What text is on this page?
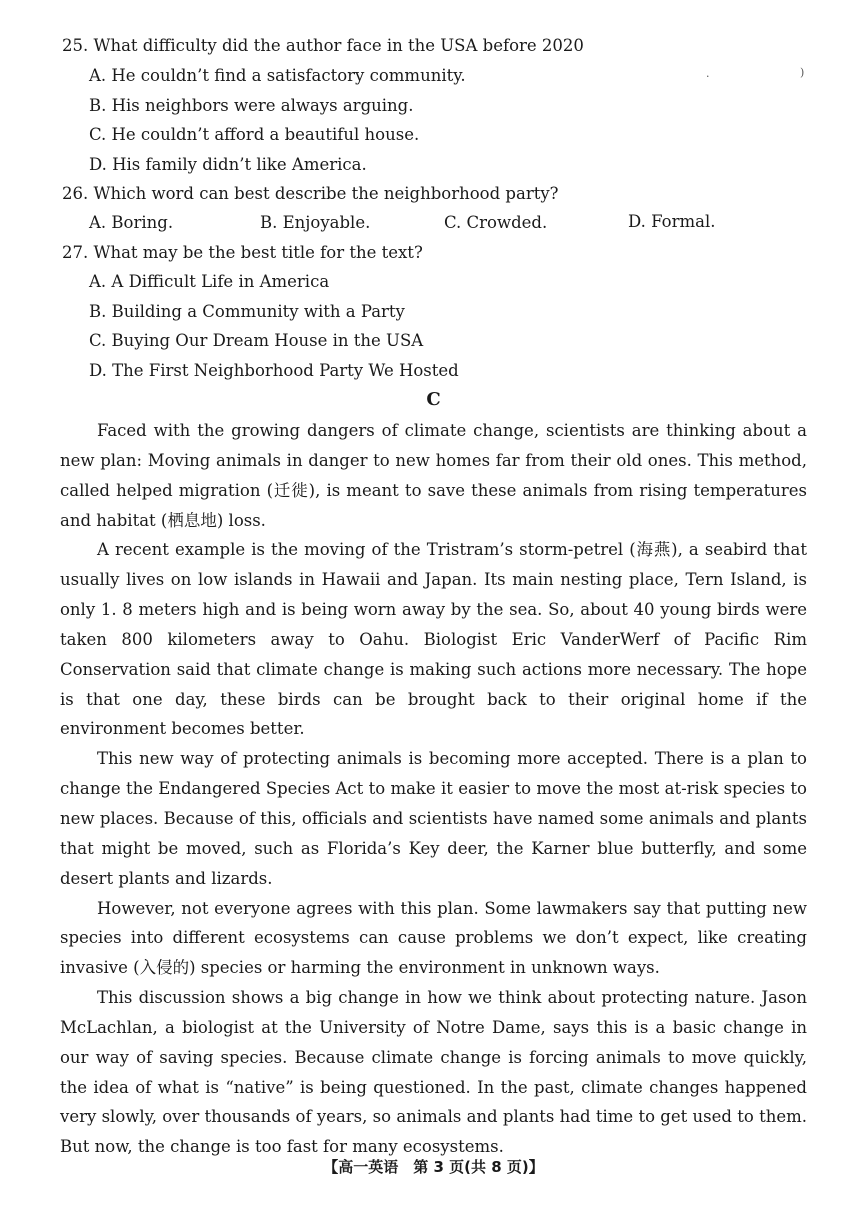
25. What difficulty did the author face in the USA before 2020
A. He couldn’t find a satisfactory community.
B. His neighbors were always arguing.
C. He couldn’t afford a beautiful house.
D. His family didn’t like America.
·	)
26. Which word can best describe the neighborhood party?
A. Boring.	B. Enjoyable.	C. Crowded.	D. Formal.
27. What may be the best title for the text?
A. A Difficult Life in America
B. Building a Community with a Party
C. Buying Our Dream House in the USA
D. The First Neighborhood Party We Hosted
C

Faced with the growing dangers of climate change, scientists are thinking about a new plan: Moving animals in danger to new homes far from their old ones. This method, called helped migration (迁徙), is meant to save these animals from rising temperatures and habitat (栖息地) loss.

A recent example is the moving of the Tristram’s storm-petrel (海燕), a seabird that usually lives on low islands in Hawaii and Japan. Its main nesting place, Tern Island, is only 1. 8 meters high and is being worn away by the sea. So, about 40 young birds were taken 800 kilometers away to Oahu. Biologist Eric VanderWerf of Pacific Rim Conservation said that climate change is making such actions more necessary. The hope is that one day, these birds can be brought back to their original home if the environment becomes better.

This new way of protecting animals is becoming more accepted. There is a plan to change the Endangered Species Act to make it easier to move the most at-risk species to new places. Because of this, officials and scientists have named some animals and plants that might be moved, such as Florida’s Key deer, the Karner blue butterfly, and some desert plants and lizards.

However, not everyone agrees with this plan. Some lawmakers say that putting new species into different ecosystems can cause problems we don’t expect, like creating invasive (入侵的) species or harming the environment in unknown ways.

This discussion shows a big change in how we think about protecting nature. Jason McLachlan, a biologist at the University of Notre Dame, says this is a basic change in our way of saving species. Because climate change is forcing animals to move quickly, the idea of what is “native” is being questioned. In the past, climate changes happened very slowly, over thousands of years, so animals and plants had time to get used to them. But now, the change is too fast for many ecosystems.

【高一英语　第 3 页(共 8 页)】
